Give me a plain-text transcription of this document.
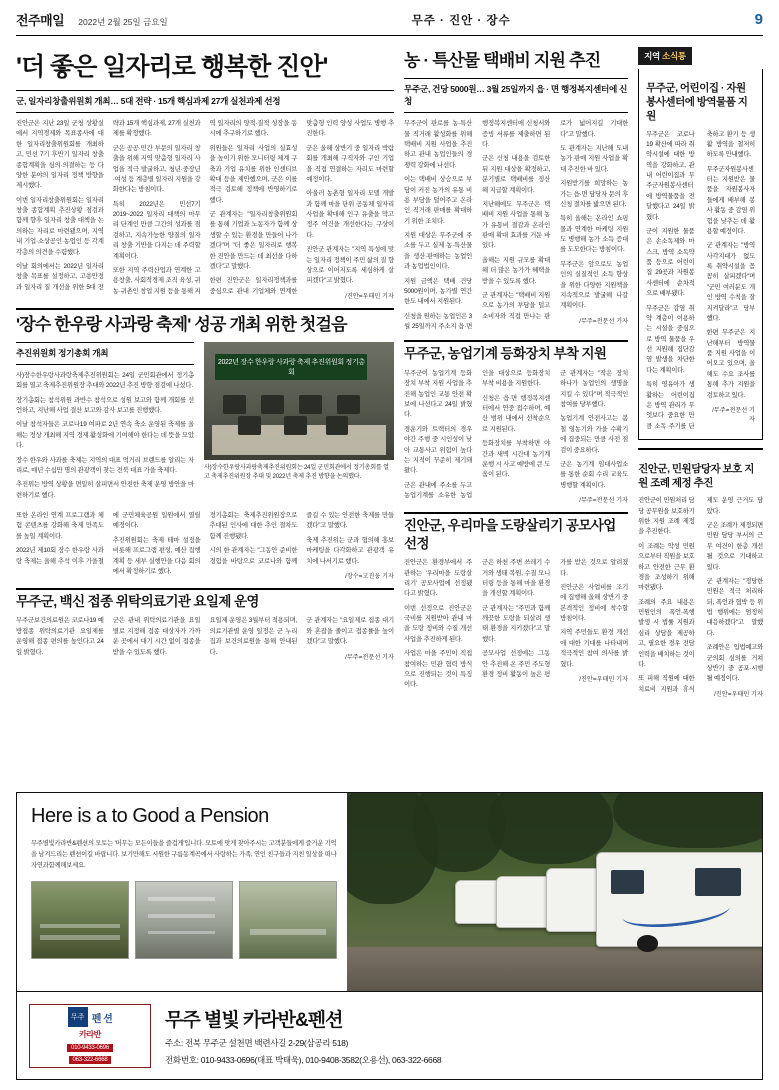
전주매일 2022년 2월 25일 금요일	무주 · 진안 · 장수	9
'더 좋은 일자리로 행복한 진안'
군, 일자리창출위원회 개최… 5대 전략 · 15개 핵심과제 27개 실천과제 선정

진안군은 지난 23일 군청 상황실에서 지역경제와 목표종사에 대한 일자리창출위원회를 개최하고, 민선 7기 후반기 일자리 창출 종합계획을 심의·의결하는 등 다양한 분야의 일자리 정책 방향을 제시했다.

이번 일자리창출위원회는 일자리 창출 종합계획 추진상황 점검과 함께 향후 일자리 창출 대책을 논의하는 자리로 마련됐으며, 지역 내 기업·소상공인·농업인 등 각계각층의 의견을 수렴했다.

이날 회의에서는 2022년 일자리 창출 목표를 설정하고, 고용안정과 일자리 질 개선을 위한 5대 전략과 15개 핵심과제, 27개 실천과제를 확정했다.

군은 공공·민간 부문의 일자리 창출을 위해 지역 맞춤형 일자리 사업을 적극 발굴하고, 청년·중장년·여성 등 계층별 일자리 지원을 강화한다는 방침이다.

특히 2022년은 민선7기 2019~2022 일자리 대책의 마무리 단계인 만큼 그간의 성과를 점검하고, 지속가능한 양질의 일자리 창출 기반을 다지는 데 주력할 계획이다.

또한 지역 주력산업과 연계한 고용창출, 사회적경제 조직 육성, 귀농·귀촌인 창업 지원 등을 통해 지역 일자리의 양적·질적 성장을 동시에 추구하기로 했다.

위원들은 일자리 사업의 실효성을 높이기 위한 모니터링 체계 구축과 기업 유치를 위한 인센티브 확대 등을 제안했으며, 군은 이를 적극 검토해 정책에 반영하기로 했다.

군 관계자는 "일자리창출위원회를 통해 기업과 노동자가 함께 상생할 수 있는 환경을 만들어 나가겠다"며 "더 좋은 일자리로 행복한 진안을 만드는 데 최선을 다하겠다"고 말했다.

한편 진안군은 일자리정책과를 중심으로 관내 기업체와 연계한 맞춤형 인력 양성 사업도 병행 추진한다.

군은 올해 상반기 중 일자리 박람회를 개최해 구직자와 구인 기업을 직접 연결하는 자리도 마련할 예정이다.

아울러 농촌형 일자리 모델 개발과 함께 마을 단위 공동체 일자리 사업을 확대해 인구 유출을 막고 정주 여건을 개선한다는 구상이다.

진안군 관계자는 "지역 특성에 맞는 일자리 정책이 주민 삶의 질 향상으로 이어지도록 세심하게 살피겠다"고 밝혔다.

/진안=우태민 기자
'장수 한우랑 사과랑 축제' 성공 개최 위한 첫걸음
추진위원회 정기총회 개최

사)장수한우랑사과랑축제추진위원회는 24일 군민회관에서 정기총회를 열고 축제추진위원장 추대와 2022년 추진 방향 점검에 나섰다.

장기총회는 참석위원 과반수 참석으로 성원 보고와 함께 개회를 선언하고, 지난해 사업 결산 보고와 감사 보고를 진행했다.

이날 참석자들은 코로나19 여파로 2년 연속 축소 운영된 축제를 올해는 정상 개최해 지역 경제 활성화에 기여해야 한다는 데 뜻을 모았다.

장수 한우와 사과를 축제는 지역의 대표 먹거리 브랜드를 알리는 자리로, 매년 수십만 명의 관광객이 찾는 전북 대표 가을 축제다.

추진위는 방역 상황을 면밀히 살피면서 안전한 축제 운영 방안을 마련하기로 했다.

2022년 장수 한우랑 사과랑 축제 추진위원회 정기총회
사)장수한우랑사과랑축제추진위원회는 24일 군민회관에서 정기총회를 열고 축제추진위원장 추대 및 2022년 축제 추진 방향을 논의했다.

또한 온라인 연계 프로그램과 체험 콘텐츠를 강화해 축제 만족도를 높일 계획이다.

2022년 제10회 장수 한우랑 사과랑 축제는 올해 추석 이후 가을철에 군민체육공원 일원에서 열릴 예정이다.

추진위원회는 축제 테마 설정을 비롯해 프로그램 편성, 예산 집행 계획 등 세부 실행안을 다음 회의에서 확정하기로 했다.

정기총회는 축제추진위원장으로 추대된 인사에 대한 추인 절차도 함께 진행됐다.

시의 한 관계자는 "그동안 준비한 경험을 바탕으로 코로나와 함께 즐길 수 있는 안전한 축제를 만들겠다"고 말했다.

축제 추진위는 군과 협의해 홍보 마케팅을 다각화하고 관광객 유치에 나서기로 했다.

/장수=고진웅 기자
무주군, 백신 접종 위탁의료기관 요일제 운영

무주군보건의료원은 코로나19 예방접종 위탁의료기관 요일제를 운영해 접종 편의를 높인다고 24일 밝혔다.

군은 관내 위탁의료기관을 요일별로 지정해 접종 대상자가 가까운 곳에서 대기 시간 없이 접종을 받을 수 있도록 했다.

요일제 운영은 3월부터 적용되며, 의료기관별 운영 일정은 군 누리집과 보건의료원을 통해 안내된다.

군 관계자는 "요일제로 접종 대기와 혼잡을 줄이고 접종률을 높이겠다"고 말했다.

/무주=전문선 기자
농 · 특산물 택배비 지원 추진
무주군, 건당 5000원… 3월 25일까지 읍 · 면 행정복지센터에 신청

무주군이 판로를 농·특산물 직거래 활성화를 위해 택배비 지원 사업을 추진하고 관내 농업인들의 경쟁력 강화에 나선다.

이는 택배비 상승으로 부담이 커진 농가의 유통 비용 부담을 덜어주고 온라인 직거래 판매를 확대하기 위한 조치다.

지원 대상은 무주군에 주소를 두고 실제 농·특산물을 생산·판매하는 농업인과 농업법인이다.

지원 금액은 택배 건당 5000원이며, 농가별 연간 한도 내에서 지원된다.

신청을 원하는 농업인은 3월 25일까지 주소지 읍·면 행정복지센터에 신청서와 증빙 서류를 제출하면 된다.

군은 신청 내용을 검토한 뒤 지원 대상을 확정하고, 분기별로 택배비를 정산해 지급할 계획이다.

지난해에도 무주군은 택배비 지원 사업을 통해 농가 유통비 절감과 온라인 판매 확대 효과를 거둔 바 있다.

올해는 지원 규모를 확대해 더 많은 농가가 혜택을 받을 수 있도록 했다.

군 관계자는 "택배비 지원으로 농가의 부담을 덜고 소비자와 직접 만나는 판로가 넓어지길 기대한다"고 말했다.

도 관계자는 지난해 도내 농가 판매 지원 사업을 확대 추진한 바 있다.

지원받기를 희망하는 농가는 읍·면 담당자 문의 후 신청 절차를 밟으면 된다.

특히 올해는 온라인 쇼핑몰과 연계한 마케팅 지원도 병행해 농가 소득 증대를 도모한다는 방침이다.

무주군은 앞으로도 농업인의 실질적인 소득 향상을 위한 다양한 지원책을 지속적으로 발굴해 나갈 계획이다.

/무주=전문선 기자
무주군, 농업기계 등화장치 부착 지원

무주군이 농업기계 등화장치 부착 지원 사업을 추진해 농업인 교통 안전 확보에 나선다고 24일 밝혔다.

경운기와 트랙터의 경우 야간 주행 중 시인성이 낮아 교통사고 위험이 높다는 지적이 꾸준히 제기돼 왔다.

군은 관내에 주소를 두고 농업기계를 소유한 농업인을 대상으로 등화장치 부착 비용을 지원한다.

신청은 읍·면 행정복지센터에서 연중 접수하며, 예산 범위 내에서 선착순으로 지원된다.

등화장치를 부착하면 야간과 새벽 시간대 농기계 운행 시 사고 예방에 큰 도움이 된다.

군 관계자는 "작은 장치 하나가 농업인의 생명을 지킬 수 있다"며 적극적인 참여를 당부했다.

농업기계 안전사고는 봄철 영농기와 가을 수확기에 집중되는 만큼 사전 점검이 중요하다.

군은 농기계 임대사업소를 통한 순회 수리 교육도 병행할 계획이다.

/무주=전문선 기자
진안군, 우리마을 도랑살리기 공모사업 선정

진안군은 환경부에서 주관하는 '우리마을 도랑살리기' 공모사업에 선정됐다고 밝혔다.

이번 선정으로 진안군은 국비를 지원받아 관내 마을 도랑 정비와 수질 개선 사업을 추진하게 된다.

사업은 마을 주민이 직접 참여하는 민관 협력 방식으로 진행되는 것이 특징이다.

군은 하천 주변 쓰레기 수거와 생태 복원, 수질 모니터링 등을 통해 마을 환경을 개선할 계획이다.

군 관계자는 "주민과 함께 깨끗한 도랑을 되살려 생태 환경을 지키겠다"고 말했다.

공모사업 선정에는 그동안 추진해 온 주민 주도형 환경 정비 활동이 높은 평가를 받은 것으로 알려졌다.

진안군은 사업비를 조기에 집행해 올해 상반기 중 본격적인 정비에 착수할 방침이다.

지역 주민들도 환경 개선에 대한 기대를 나타내며 적극적인 참여 의사를 밝혔다.

/진안=우태민 기자
지역 소식통
무주군, 어린이집 · 자원봉사센터에 방역물품 지원

무주군은 코로나19 확산에 따라 취약시설에 대한 방역을 강화하고, 관내 어린이집과 무주군자원봉사센터에 방역물품을 전달했다고 24일 밝혔다.

군이 지원한 물품은 손소독제와 마스크, 방역 소독약품 등으로 어린이집 29곳과 자원봉사센터에 순차적으로 배부됐다.

무주군은 감염 취약 계층이 이용하는 시설을 중심으로 방역 물품을 우선 지원해 집단감염 발생을 차단한다는 계획이다.

특히 영유아가 생활하는 어린이집은 방역 관리가 무엇보다 중요한 만큼 소독 주기를 단축하고 환기 등 생활 방역을 철저히 하도록 안내했다.

무주군자원봉사센터는 지원받은 물품을 자원봉사자들에게 배부해 봉사 활동 중 감염 위험을 낮추는 데 활용할 예정이다.

군 관계자는 "방역 사각지대가 없도록 취약시설을 꼼꼼히 살피겠다"며 "군민 여러분도 개인 방역 수칙을 잘 지켜달라"고 당부했다.

한편 무주군은 지난해부터 방역물품 지원 사업을 이어오고 있으며, 올해도 수요 조사를 통해 추가 지원을 검토하고 있다.

/무주=전문선 기자
진안군, 민원담당자 보호 지원 조례 제정 추진

진안군이 민원처리 담당 공무원을 보호하기 위한 지원 조례 제정을 추진한다.

이 조례는 악성 민원으로부터 직원을 보호하고 안전한 근무 환경을 조성하기 위해 마련됐다.

조례의 주요 내용은 민원인의 폭언·폭행 발생 시 법률 지원과 심리 상담을 제공하고, 필요한 경우 전담 인력을 배치하는 것이다.

또 피해 직원에 대한 치료비 지원과 휴식 제도 운영 근거도 담았다.

군은 조례가 제정되면 민원 담당 부서의 근무 여건이 한층 개선될 것으로 기대하고 있다.

군 관계자는 "정당한 민원은 적극 처리하되, 폭언과 협박 등 위법 행위에는 엄정히 대응하겠다"고 말했다.

조례안은 입법예고와 군의회 심의를 거쳐 상반기 중 공포·시행될 예정이다.

/진안=우태민 기자
Here is a to Good a Pension
무주별빛카라반&펜션의 모토는 '머무는 모든이들을 즐겁게'입니다. 모토에 맞게 찾아주시는 고객분들에게 즐거운 기억을 남겨드리는 펜션이길 바랍니다. 보기만해도 시원한 구름동계곡에서 사랑하는 가족, 연인 친구들과 지친 일상을 떠나 자연과함께해보세요.
무주 펜 션
카라반
010-9433-0696
063-322-6668
무주 별빛 카라반&펜션
주소: 전북 무주군 설천면 백련사길 2-29(삼공리 518)
전화번호: 010-9433-0696(대표 박태욱), 010-9408-3582(오용선), 063-322-6668
